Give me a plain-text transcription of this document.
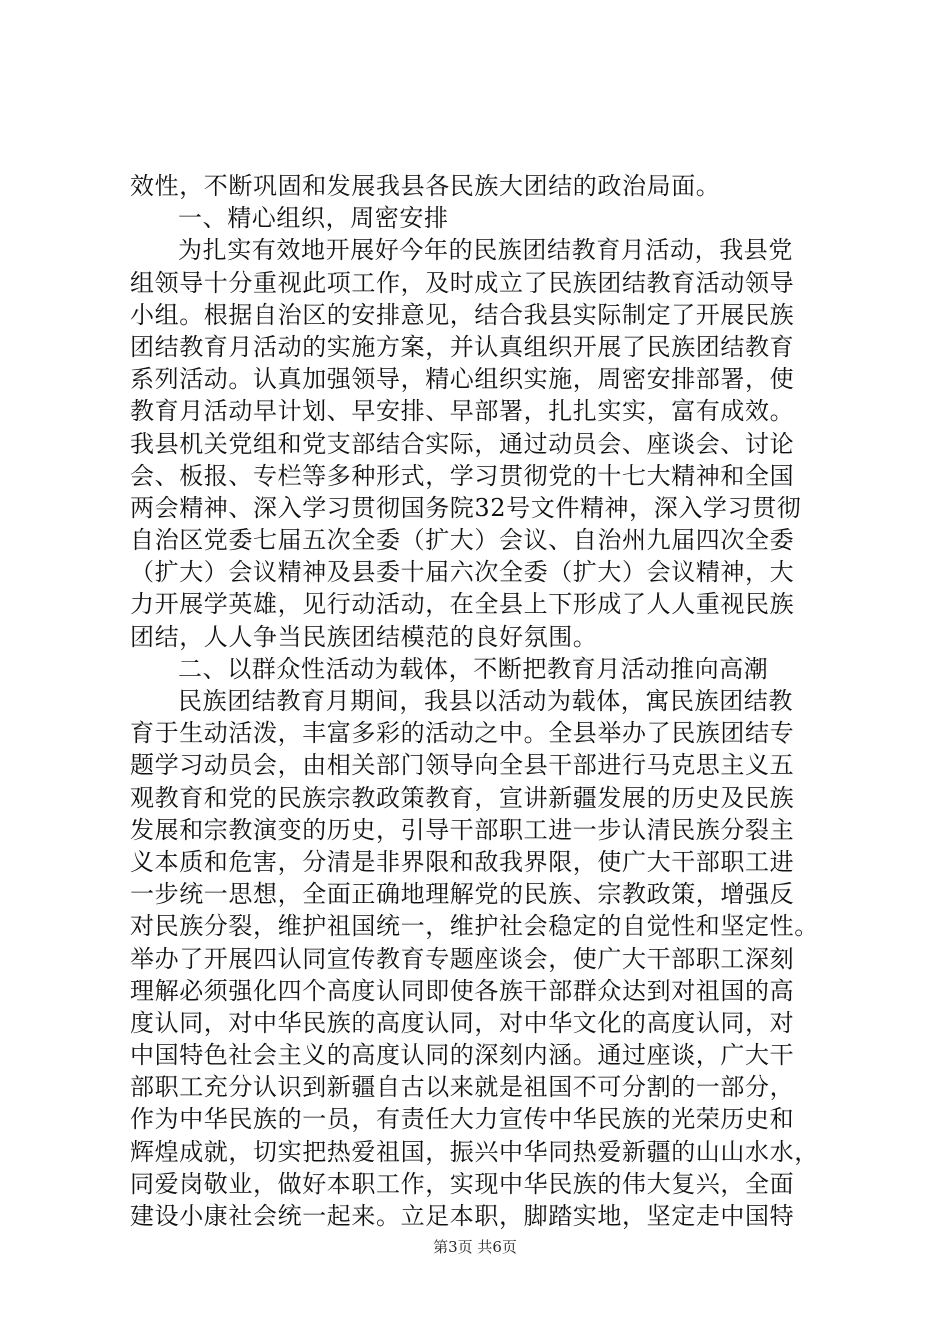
效性，不断巩固和发展我县各民族大团结的政治局面。
一、精心组织，周密安排
为扎实有效地开展好今年的民族团结教育月活动，我县党
组领导十分重视此项工作，及时成立了民族团结教育活动领导
小组。根据自治区的安排意见，结合我县实际制定了开展民族
团结教育月活动的实施方案，并认真组织开展了民族团结教育
系列活动。认真加强领导，精心组织实施，周密安排部署，使
教育月活动早计划、早安排、早部署，扎扎实实，富有成效。
我县机关党组和党支部结合实际，通过动员会、座谈会、讨论
会、板报、专栏等多种形式，学习贯彻党的十七大精神和全国
两会精神、深入学习贯彻国务院32号文件精神，深入学习贯彻
自治区党委七届五次全委（扩大）会议、自治州九届四次全委
（扩大）会议精神及县委十届六次全委（扩大）会议精神，大
力开展学英雄，见行动活动，在全县上下形成了人人重视民族
团结，人人争当民族团结模范的良好氛围。
二、以群众性活动为载体，不断把教育月活动推向高潮
民族团结教育月期间，我县以活动为载体，寓民族团结教
育于生动活泼，丰富多彩的活动之中。全县举办了民族团结专
题学习动员会，由相关部门领导向全县干部进行马克思主义五
观教育和党的民族宗教政策教育，宣讲新疆发展的历史及民族
发展和宗教演变的历史，引导干部职工进一步认清民族分裂主
义本质和危害，分清是非界限和敌我界限，使广大干部职工进
一步统一思想，全面正确地理解党的民族、宗教政策，增强反
对民族分裂，维护祖国统一，维护社会稳定的自觉性和坚定性。
举办了开展四认同宣传教育专题座谈会，使广大干部职工深刻
理解必须强化四个高度认同即使各族干部群众达到对祖国的高
度认同，对中华民族的高度认同，对中华文化的高度认同，对
中国特色社会主义的高度认同的深刻内涵。通过座谈，广大干
部职工充分认识到新疆自古以来就是祖国不可分割的一部分，
作为中华民族的一员，有责任大力宣传中华民族的光荣历史和
辉煌成就，切实把热爱祖国，振兴中华同热爱新疆的山山水水，
同爱岗敬业，做好本职工作，实现中华民族的伟大复兴，全面
建设小康社会统一起来。立足本职，脚踏实地，坚定走中国特
第3页 共6页
